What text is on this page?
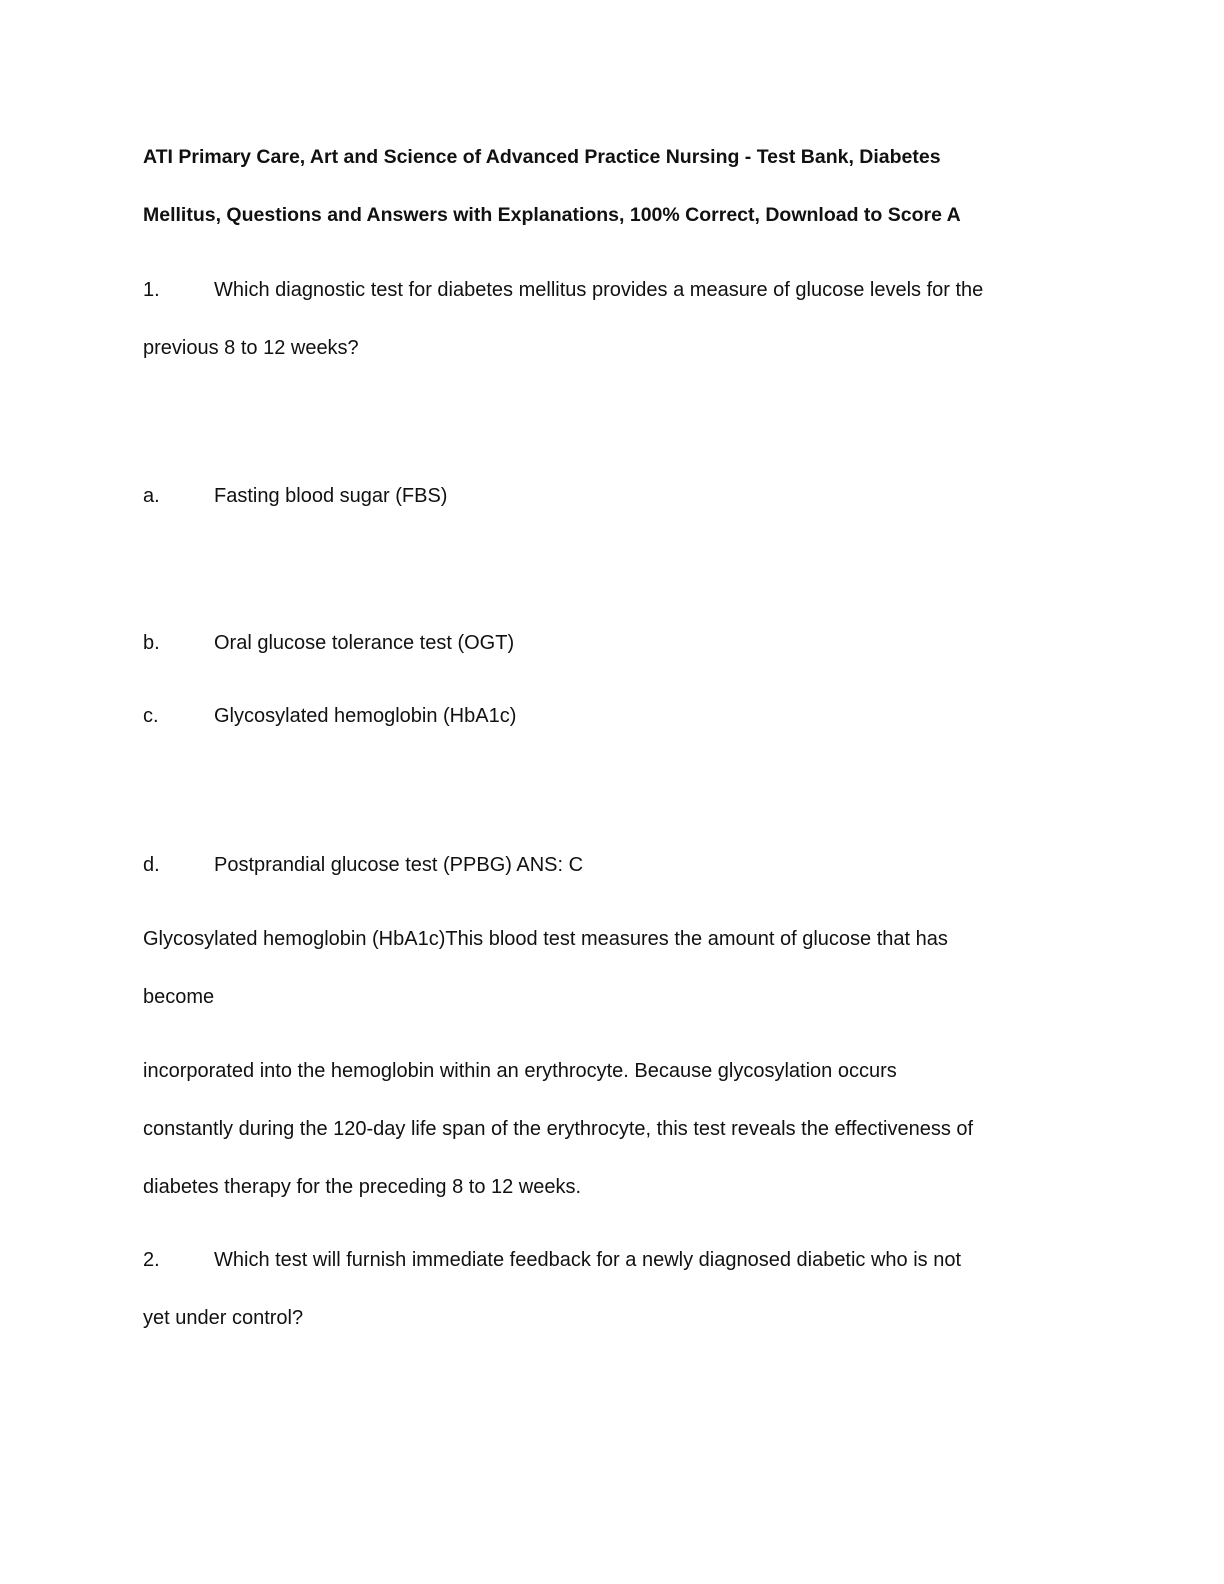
ATI Primary Care, Art and Science of Advanced Practice Nursing - Test Bank, Diabetes
Mellitus, Questions and Answers with Explanations, 100% Correct, Download to Score A
1.	Which diagnostic test for diabetes mellitus provides a measure of glucose levels for the
previous 8 to 12 weeks?
a.	Fasting blood sugar (FBS)
b.	Oral glucose tolerance test (OGT)
c.	Glycosylated hemoglobin (HbA1c)
d.	Postprandial glucose test (PPBG) ANS: C
Glycosylated hemoglobin (HbA1c)This blood test measures the amount of glucose that has
become
incorporated into the hemoglobin within an erythrocyte. Because glycosylation occurs
constantly during the 120-day life span of the erythrocyte, this test reveals the effectiveness of
diabetes therapy for the preceding 8 to 12 weeks.
2.	Which test will furnish immediate feedback for a newly diagnosed diabetic who is not
yet under control?
